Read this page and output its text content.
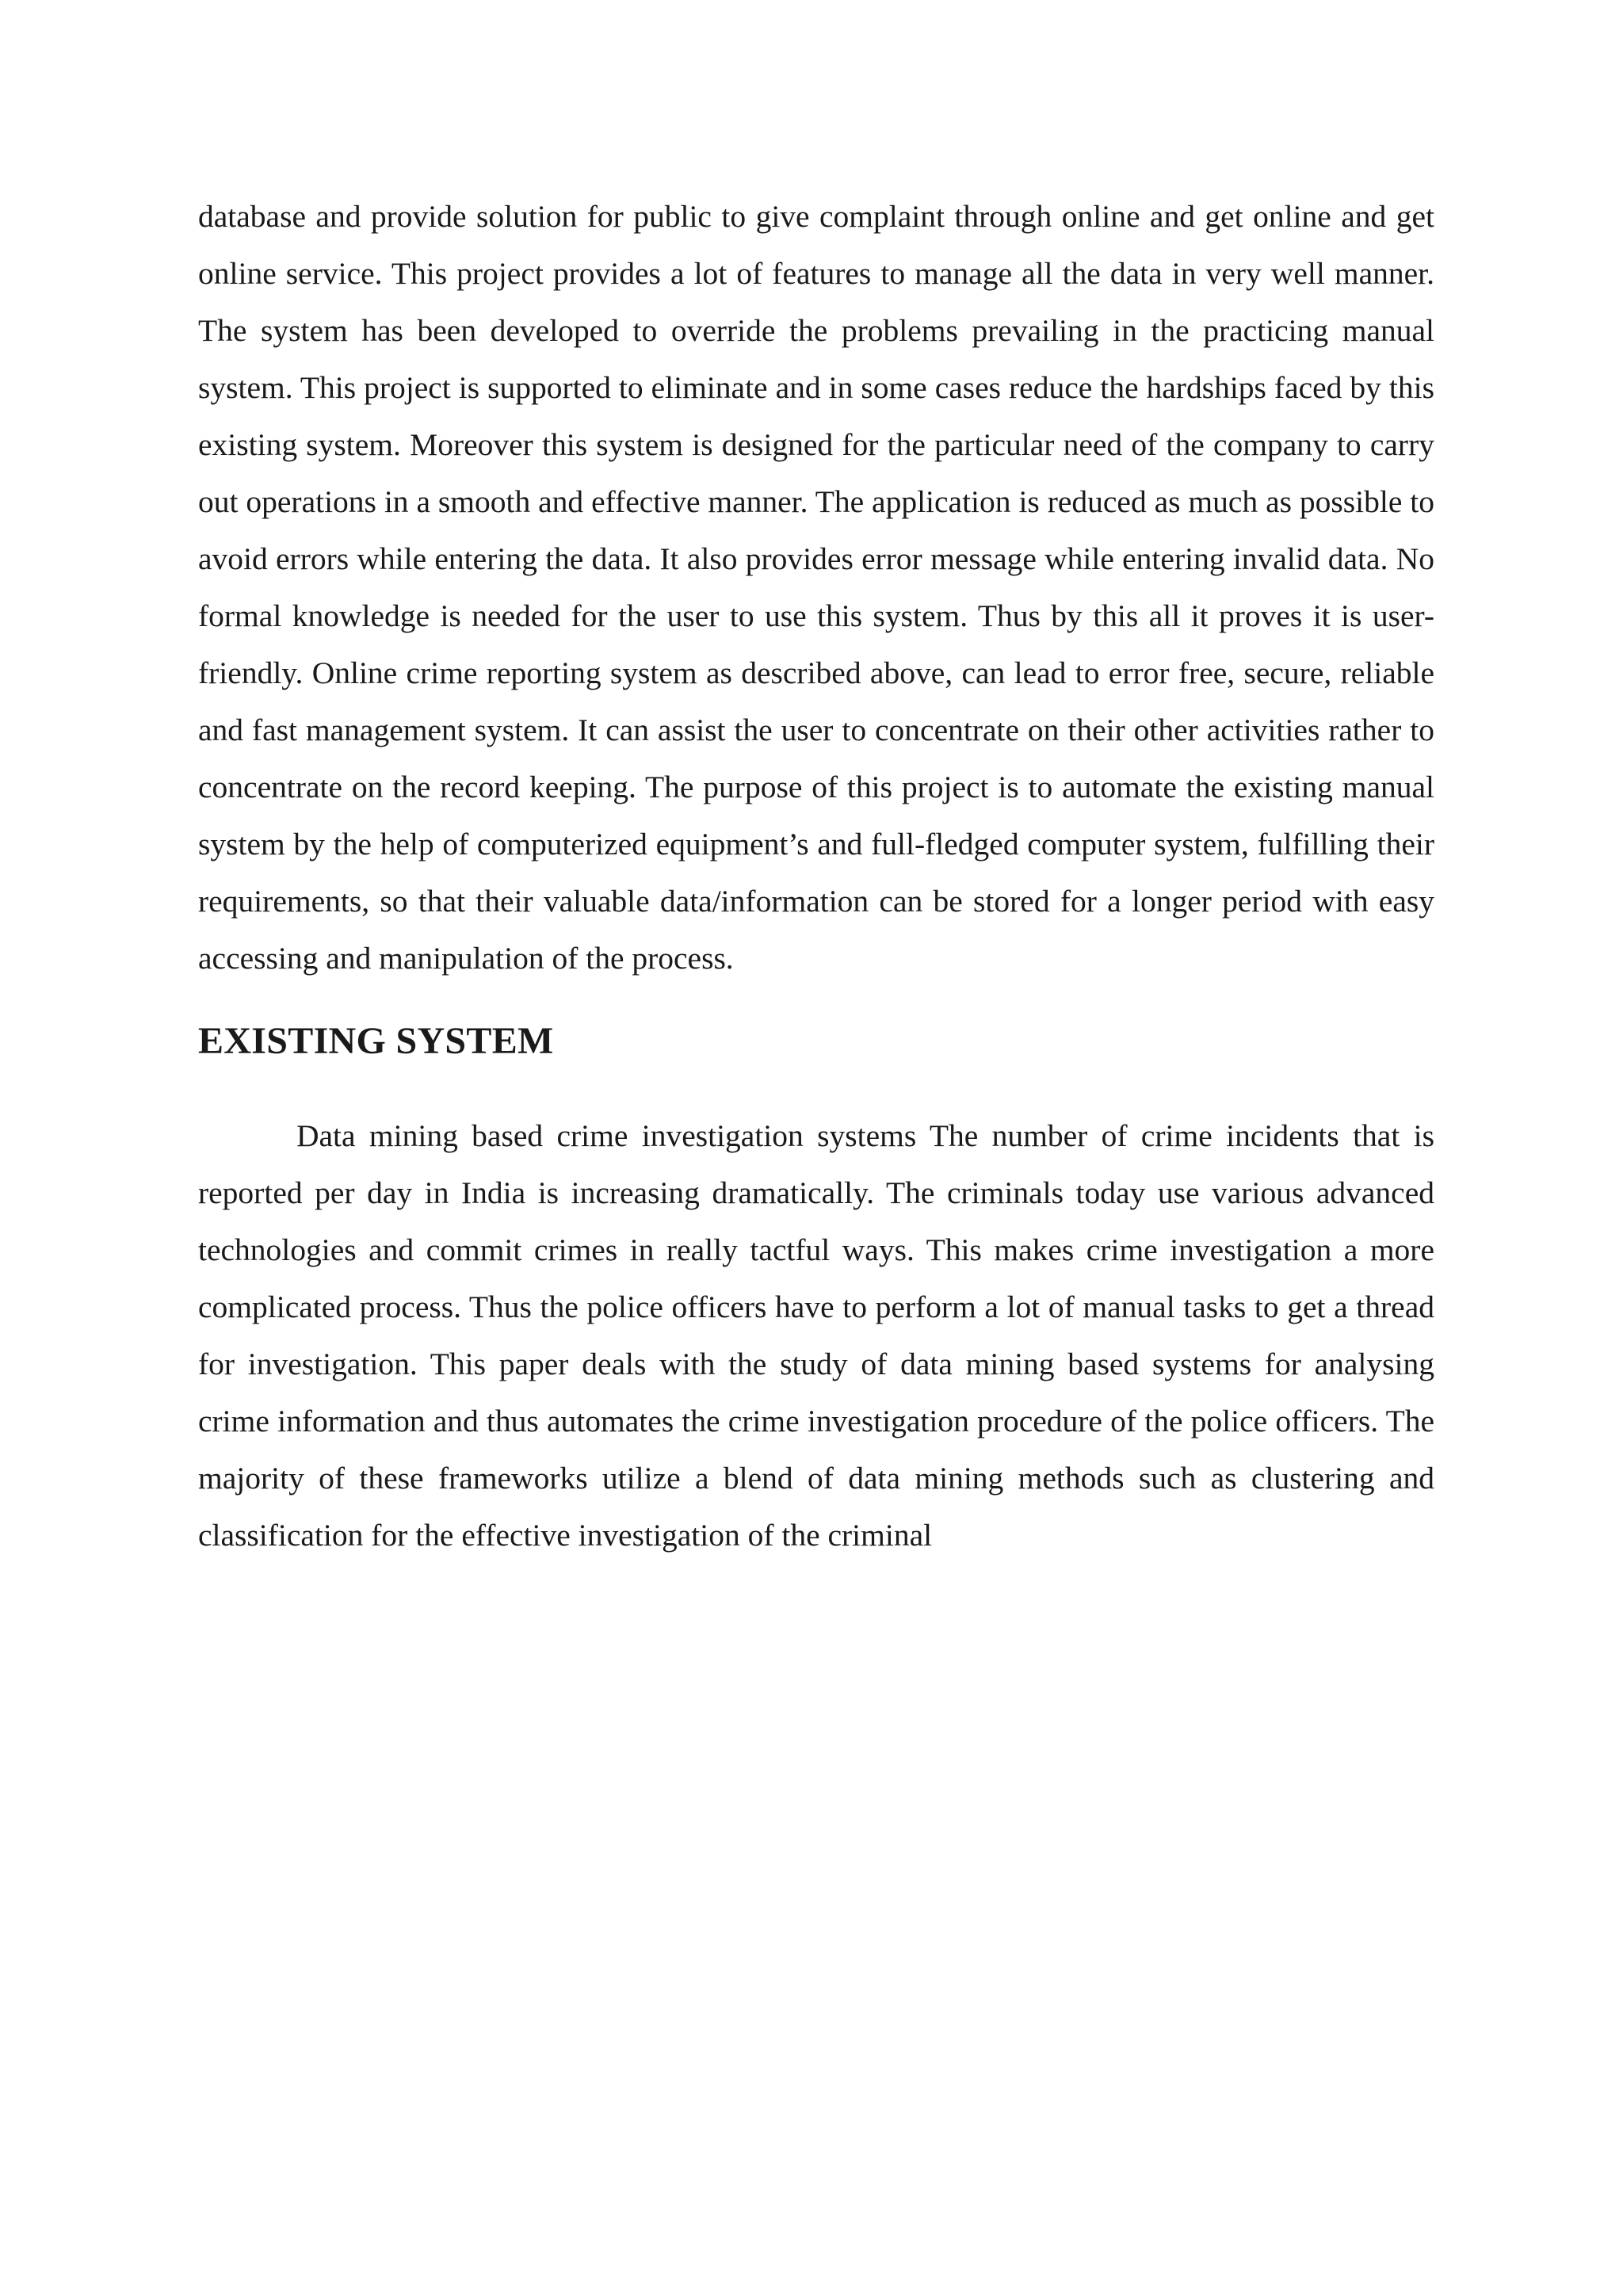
database and provide solution for public to give complaint through online and get online and get online service. This project provides a lot of features to manage all the data in very well manner. The system has been developed to override the problems prevailing in the practicing manual system. This project is supported to eliminate and in some cases reduce the hardships faced by this existing system. Moreover this system is designed for the particular need of the company to carry out operations in a smooth and effective manner. The application is reduced as much as possible to avoid errors while entering the data. It also provides error message while entering invalid data. No formal knowledge is needed for the user to use this system. Thus by this all it proves it is user-friendly. Online crime reporting system as described above, can lead to error free, secure, reliable and fast management system. It can assist the user to concentrate on their other activities rather to concentrate on the record keeping. The purpose of this project is to automate the existing manual system by the help of computerized equipment’s and full-fledged computer system, fulfilling their requirements, so that their valuable data/information can be stored for a longer period with easy accessing and manipulation of the process.

EXISTING SYSTEM

Data mining based crime investigation systems The number of crime incidents that is reported per day in India is increasing dramatically. The criminals today use various advanced technologies and commit crimes in really tactful ways. This makes crime investigation a more complicated process. Thus the police officers have to perform a lot of manual tasks to get a thread for investigation. This paper deals with the study of data mining based systems for analysing crime information and thus automates the crime investigation procedure of the police officers. The majority of these frameworks utilize a blend of data mining methods such as clustering and classification for the effective investigation of the criminal
